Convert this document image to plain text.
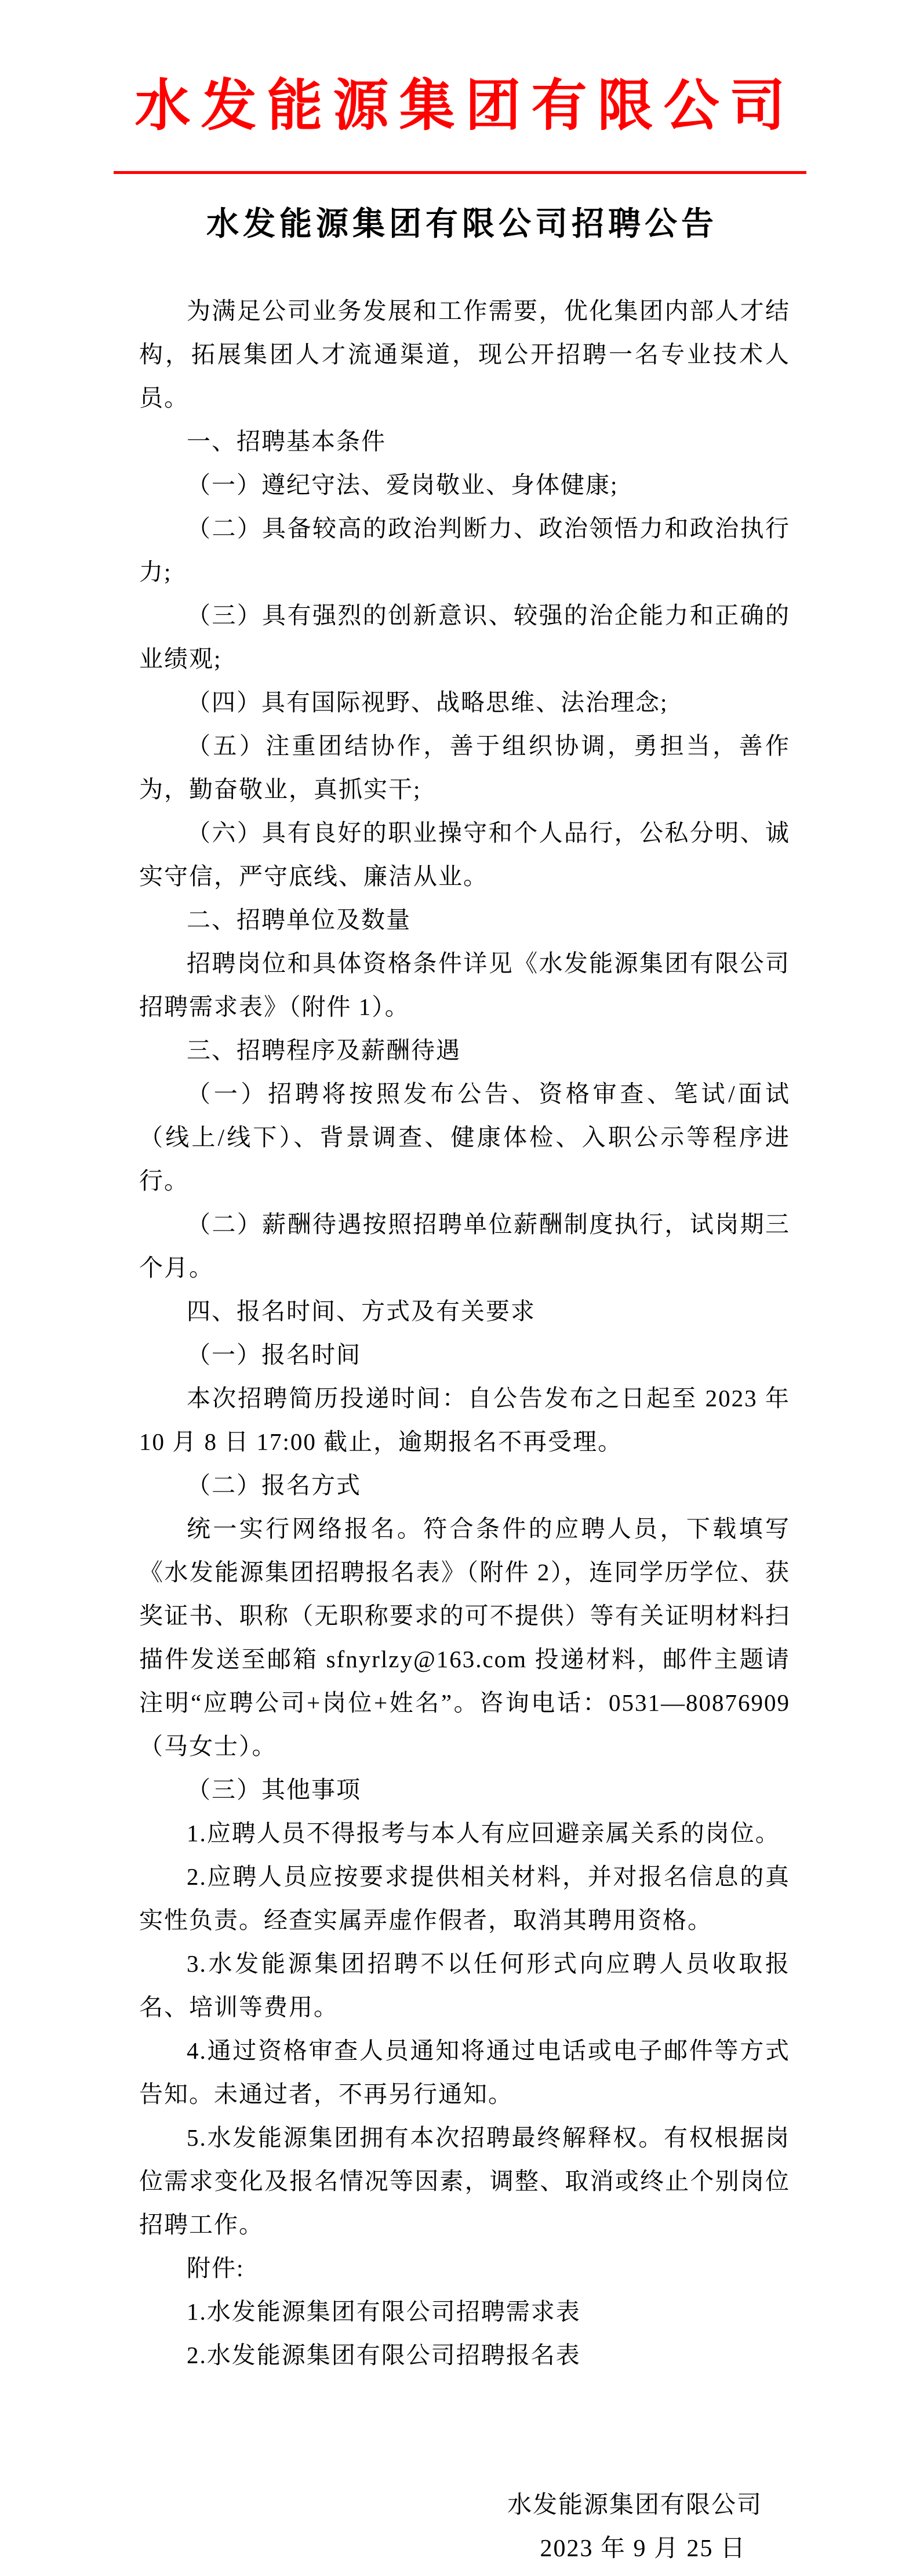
水发能源集团有限公司
水发能源集团有限公司招聘公告

为满足公司业务发展和工作需要，优化集团内部人才结构，拓展集团人才流通渠道，现公开招聘一名专业技术人员。

一、招聘基本条件

（一）遵纪守法、爱岗敬业、身体健康;

（二）具备较高的政治判断力、政治领悟力和政治执行力;

（三）具有强烈的创新意识、较强的治企能力和正确的业绩观;

（四）具有国际视野、战略思维、法治理念;

（五）注重团结协作，善于组织协调，勇担当，善作为，勤奋敬业，真抓实干;

（六）具有良好的职业操守和个人品行，公私分明、诚实守信，严守底线、廉洁从业。

二、招聘单位及数量

招聘岗位和具体资格条件详见《水发能源集团有限公司招聘需求表》（附件 1）。

三、招聘程序及薪酬待遇

（一）招聘将按照发布公告、资格审查、笔试/面试（线上/线下）、背景调查、健康体检、入职公示等程序进行。

（二）薪酬待遇按照招聘单位薪酬制度执行，试岗期三个月。

四、报名时间、方式及有关要求

（一）报名时间

本次招聘简历投递时间：自公告发布之日起至 2023 年 10 月 8 日 17:00 截止，逾期报名不再受理。

（二）报名方式

统一实行网络报名。符合条件的应聘人员，下载填写《水发能源集团招聘报名表》（附件 2），连同学历学位、获奖证书、职称（无职称要求的可不提供）等有关证明材料扫描件发送至邮箱 sfnyrlzy@163.com 投递材料，邮件主题请注明“应聘公司+岗位+姓名”。咨询电话：0531—80876909（马女士）。

（三）其他事项

1.应聘人员不得报考与本人有应回避亲属关系的岗位。

2.应聘人员应按要求提供相关材料，并对报名信息的真实性负责。经查实属弄虚作假者，取消其聘用资格。

3.水发能源集团招聘不以任何形式向应聘人员收取报名、培训等费用。

4.通过资格审查人员通知将通过电话或电子邮件等方式告知。未通过者，不再另行通知。

5.水发能源集团拥有本次招聘最终解释权。有权根据岗位需求变化及报名情况等因素，调整、取消或终止个别岗位招聘工作。

附件:

1.水发能源集团有限公司招聘需求表

2.水发能源集团有限公司招聘报名表

水发能源集团有限公司
2023 年 9 月 25 日
